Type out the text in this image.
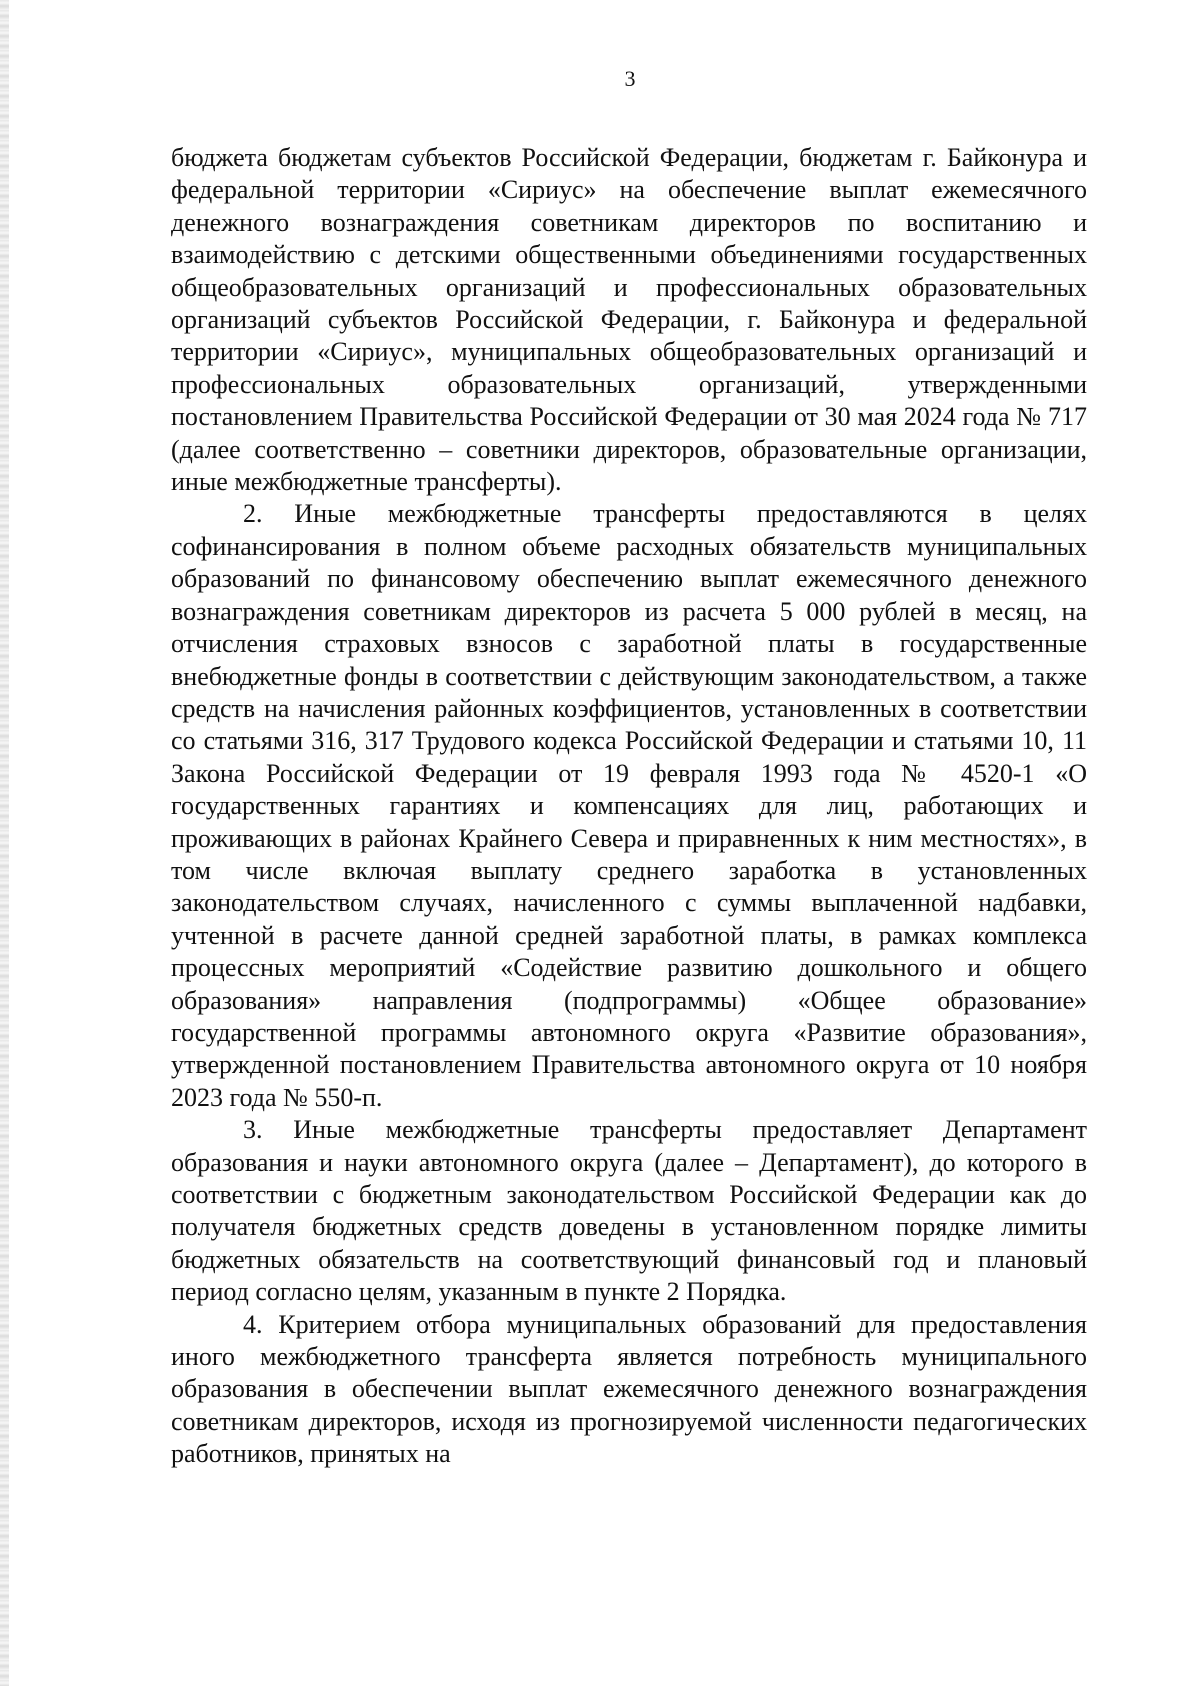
3

бюджета бюджетам субъектов Российской Федерации, бюджетам г. Байконура и федеральной территории «Сириус» на обеспечение выплат ежемесячного денежного вознаграждения советникам директоров по воспитанию и взаимодействию с детскими общественными объединениями государственных общеобразовательных организаций и профессиональных образовательных организаций субъектов Российской Федерации, г. Байконура и федеральной территории «Сириус», муниципальных общеобразовательных организаций и профессиональных образовательных организаций, утвержденными постановлением Правительства Российской Федерации от 30 мая 2024 года № 717 (далее соответственно – советники директоров, образовательные организации, иные межбюджетные трансферты).

2. Иные межбюджетные трансферты предоставляются в целях софинансирования в полном объеме расходных обязательств муниципальных образований по финансовому обеспечению выплат ежемесячного денежного вознаграждения советникам директоров из расчета 5 000 рублей в месяц, на отчисления страховых взносов с заработной платы в государственные внебюджетные фонды в соответствии с действующим законодательством, а также средств на начисления районных коэффициентов, установленных в соответствии со статьями 316, 317 Трудового кодекса Российской Федерации и статьями 10, 11 Закона Российской Федерации от 19 февраля 1993 года № 4520-1 «О государственных гарантиях и компенсациях для лиц, работающих и проживающих в районах Крайнего Севера и приравненных к ним местностях», в том числе включая выплату среднего заработка в установленных законодательством случаях, начисленного с суммы выплаченной надбавки, учтенной в расчете данной средней заработной платы, в рамках комплекса процессных мероприятий «Содействие развитию дошкольного и общего образования» направления (подпрограммы) «Общее образование» государственной программы автономного округа «Развитие образования», утвержденной постановлением Правительства автономного округа от 10 ноября 2023 года № 550-п.

3. Иные межбюджетные трансферты предоставляет Департамент образования и науки автономного округа (далее – Департамент), до которого в соответствии с бюджетным законодательством Российской Федерации как до получателя бюджетных средств доведены в установленном порядке лимиты бюджетных обязательств на соответствующий финансовый год и плановый период согласно целям, указанным в пункте 2 Порядка.

4. Критерием отбора муниципальных образований для предоставления иного межбюджетного трансферта является потребность муниципального образования в обеспечении выплат ежемесячного денежного вознаграждения советникам директоров, исходя из прогнозируемой численности педагогических работников, принятых на
